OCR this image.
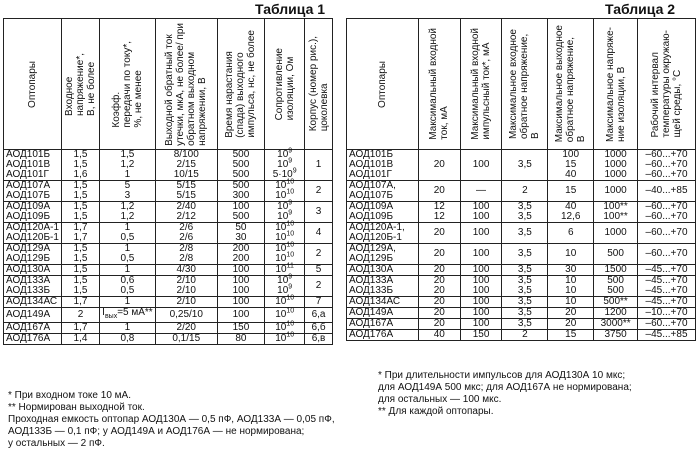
Таблица 1	Таблица 2
Оптопары	Входное
напряжение*,
В, не более	Коэфф.
передачи по току*,
%, не менее	Выходной обратный ток
утечки, мкА, не более/ при
обратном выходном
напряжении, В	Время нарастания
(спада) выходного
импульса, нс, не более	Сопротивление
изоляции, Ом	Корпус (номер рис.),
цоколевка

АОД101Б
АОД101В
АОД101Г	1,5
1,5
1,6	1,5
1,2
1	8/100
2/15
10/15	500
500
500	$10^9$
$10^9$
$5\cdot 10^9$	1

АОД107А
АОД107Б	1,5
1,5	5
3	5/15
5/15	500
300	$10^{10}$
$10^{10}$	2
АОД109А
АОД109Б	1,5
1,5	1,2
1,2	2/40
2/12	100
500	$10^9$
$10^9$	3
АОД120А-1
АОД120Б-1	1,7
1,7	1
0,5	2/6
2/6	50
30	$10^{10}$
$10^{10}$	4
АОД129А
АОД129Б	1,5
1,5	1
0,5	2/8
2/8	200
200	$10^{10}$
$10^{10}$	2
АОД130А	1,5	1	4/30	100	$10^{11}$	5
АОД133А
АОД133Б	1,5
1,5	0,6
0,5	2/10
2/10	100
100	$10^9$
$10^9$	2
АОД134АС	1,7	1	2/10	100	$10^{10}$	7
АОД149А	2	$I_{вых}=5$ мА**	0,25/10	100	$10^{10}$	6,а
АОД167А	1,7	1	2/20	150	$10^{10}$	6,б
АОД176А	1,4	0,8	0,1/15	80	$10^{10}$	6,в
Оптопары	Максимальный входной
ток, мА	Максимальный входной
импульсный ток*, мА	Максимальное входное
обратное напряжение,
В	Максимальное выходное
обратное напряжение,
В	Максимальное напряже-
ние изоляции, В	Рабочий интервал
температуры окружаю-
щей среды, °С

АОД101Б
АОД101В
АОД101Г	20	100	3,5	100
15
40	1000
1000
1000	–60...+70
–60...+70
–60...+70
АОД107А,
АОД107Б	20	—	2	15	1000	–40...+85
АОД109А
АОД109Б	12
12	100
100	3,5
3,5	40
12,6	100**
100**	–60...+70
–60...+70
АОД120А-1,
АОД120Б-1	20	100	3,5	6	1000	–60...+70
АОД129А,
АОД129Б	20	100	3,5	10	500	–60...+70
АОД130А	20	100	3,5	30	1500	–45...+70
АОД133А
АОД133Б	20
20	100
100	3,5
3,5	10
10	500
500	–45...+70
–45...+70
АОД134АС	20	100	3,5	10	500**	–45...+70
АОД149А	20	100	3,5	20	1200	–10...+70
АОД167А	20	100	3,5	20	3000**	–60...+70
АОД176А	40	150	2	15	3750	–45...+85
* При входном токе 10 мА.
** Нормирован выходной ток.
Проходная емкость оптопар АОД130А — 0,5 пФ, АОД133А — 0,05 пФ,
АОД133Б — 0,1 пФ; у АОД149А и АОД176А — не нормирована;
у остальных — 2 пФ.
* При длительности импульсов для АОД130А 10 мкс;
для АОД149А 500 мкс; для АОД167А не нормирована;
для остальных — 100 мкс.
** Для каждой оптопары.
